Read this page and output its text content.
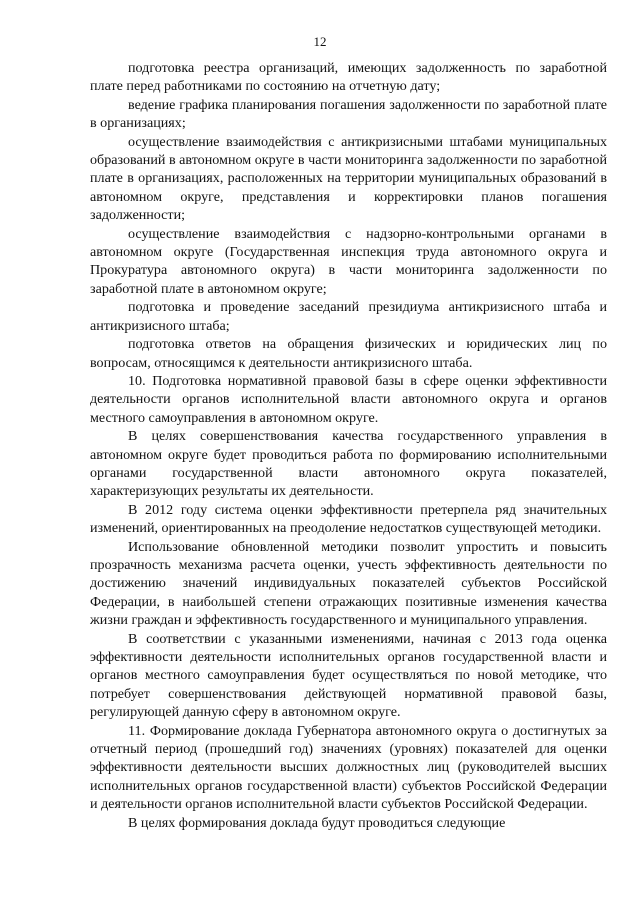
12

подготовка реестра организаций, имеющих задолженность по заработной плате перед работниками по состоянию на отчетную дату;

ведение графика планирования погашения задолженности по заработной плате в организациях;

осуществление взаимодействия с антикризисными штабами муниципальных образований в автономном округе в части мониторинга задолженности по заработной плате в организациях, расположенных на территории муниципальных образований в автономном округе, представления и корректировки планов погашения задолженности;

осуществление взаимодействия с надзорно-контрольными органами в автономном округе (Государственная инспекция труда автономного округа и Прокуратура автономного округа) в части мониторинга задолженности по заработной плате в автономном округе;

подготовка и проведение заседаний президиума антикризисного штаба и антикризисного штаба;

подготовка ответов на обращения физических и юридических лиц по вопросам, относящимся к деятельности антикризисного штаба.

10. Подготовка нормативной правовой базы в сфере оценки эффективности деятельности органов исполнительной власти автономного округа и органов местного самоуправления в автономном округе.

В целях совершенствования качества государственного управления в автономном округе будет проводиться работа по формированию исполнительными органами государственной власти автономного округа показателей, характеризующих результаты их деятельности.

В 2012 году система оценки эффективности претерпела ряд значительных изменений, ориентированных на преодоление недостатков существующей методики.

Использование обновленной методики позволит упростить и повысить прозрачность механизма расчета оценки, учесть эффективность деятельности по достижению значений индивидуальных показателей субъектов Российской Федерации, в наибольшей степени отражающих позитивные изменения качества жизни граждан и эффективность государственного и муниципального управления.

В соответствии с указанными изменениями, начиная с 2013 года оценка эффективности деятельности исполнительных органов государственной власти и органов местного самоуправления будет осуществляться по новой методике, что потребует совершенствования действующей нормативной правовой базы, регулирующей данную сферу в автономном округе.

11. Формирование доклада Губернатора автономного округа о достигнутых за отчетный период (прошедший год) значениях (уровнях) показателей для оценки эффективности деятельности высших должностных лиц (руководителей высших исполнительных органов государственной власти) субъектов Российской Федерации и деятельности органов исполнительной власти субъектов Российской Федерации.

В целях формирования доклада будут проводиться следующие
